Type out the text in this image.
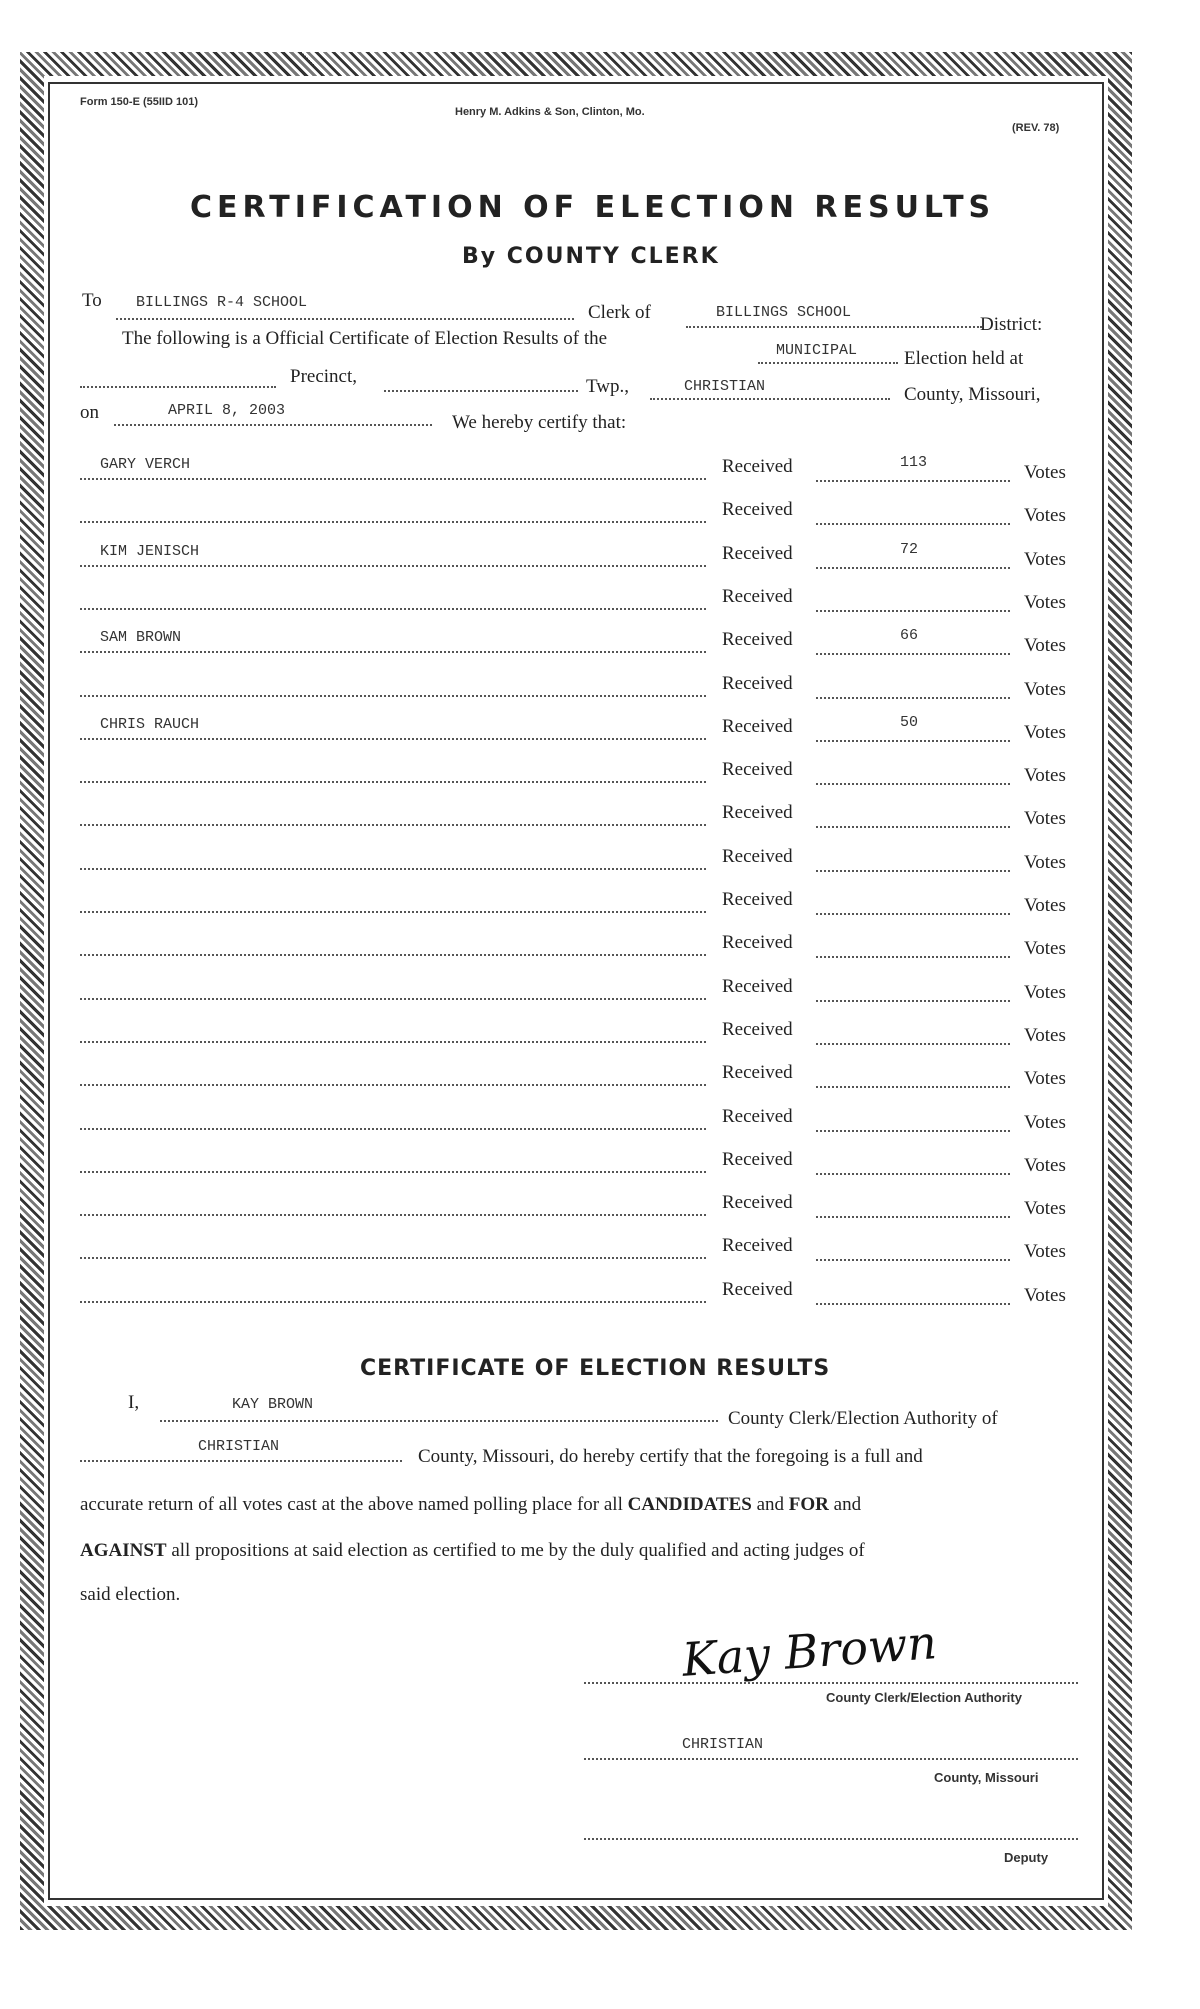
Form 150-E (55IID 101)
Henry M. Adkins & Son, Clinton, Mo.
(REV. 78)
CERTIFICATION OF ELECTION RESULTS
By COUNTY CLERK
To BILLINGS R-4 SCHOOL	Clerk of	BILLINGS SCHOOL
District:
The following is a Official Certificate of Election Results of the
MUNICIPAL Election held at
Precinct,	Twp.,	CHRISTIAN	County, Missouri,
on	APRIL 8, 2003
We hereby certify that:
GARY VERCH	Received	113	Votes
Received	Votes
KIM JENISCH	Received	72	Votes
Received	Votes
SAM BROWN	Received	66	Votes
Received	Votes
CHRIS RAUCH	Received	50	Votes
Received	Votes
Received	Votes
Received	Votes
Received	Votes
Received	Votes
Received	Votes
Received	Votes
Received	Votes
Received	Votes
Received	Votes
Received	Votes
Received	Votes
Received	Votes
CERTIFICATE OF ELECTION RESULTS
I,	KAY BROWN
County Clerk/Election Authority of
CHRISTIAN	County, Missouri, do hereby certify that the foregoing is a full and
accurate return of all votes cast at the above named polling place for all CANDIDATES and FOR and
AGAINST all propositions at said election as certified to me by the duly qualified and acting judges of
said election.
Kay Brown
County Clerk/Election Authority
CHRISTIAN
County, Missouri
Deputy
